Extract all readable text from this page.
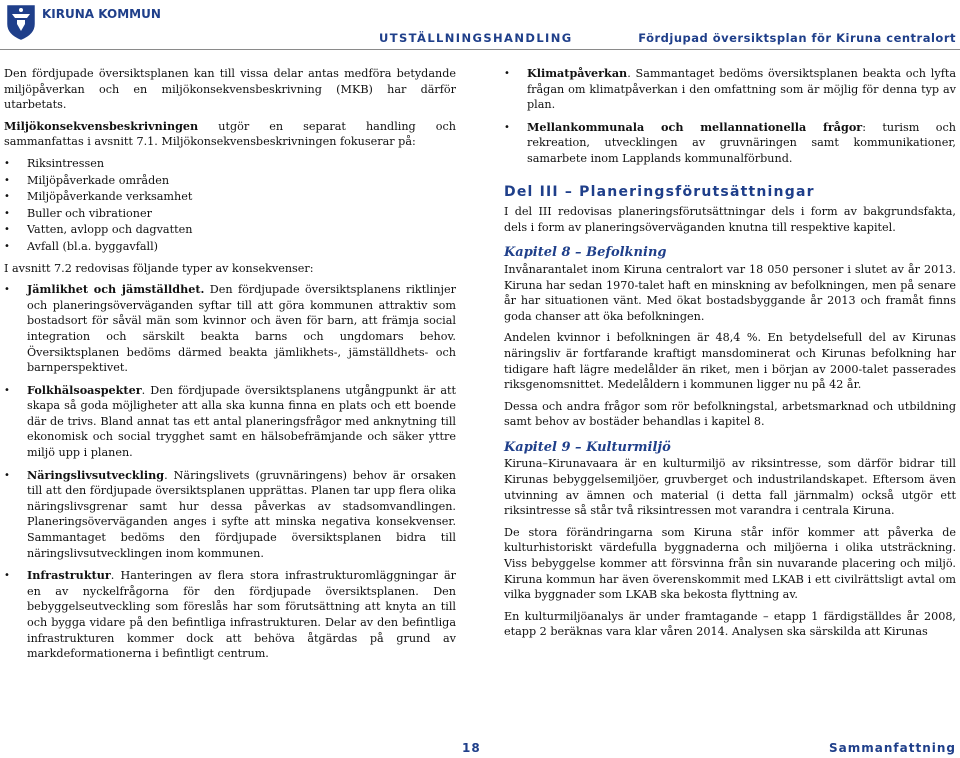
KIRUNA KOMMUN
UTSTÄLLNINGSHANDLING	Fördjupad översiktsplan för Kiruna centralort

Den fördjupade översiktsplanen kan till vissa delar antas medföra betydande miljöpåverkan och en miljökonsekvensbeskrivning (MKB) har därför utarbetats.

Miljökonsekvensbeskrivningen utgör en separat handling och sammanfattas i avsnitt 7.1. Miljökonsekvensbeskrivningen fokuserar på:

• Riksintressen
• Miljöpåverkade områden
• Miljöpåverkande verksamhet
• Buller och vibrationer
• Vatten, avlopp och dagvatten
• Avfall (bl.a. byggavfall)

I avsnitt 7.2 redovisas följande typer av konsekvenser:

• Jämlikhet och jämställdhet. Den fördjupade översiktsplanens riktlinjer och planeringsöverväganden syftar till att göra kommunen attraktiv som bostadsort för såväl män som kvinnor och även för barn, att främja social integration och särskilt beakta barns och ungdomars behov. Översiktsplanen bedöms därmed beakta jämlikhets-, jämställdhets- och barnperspektivet.
• Folkhälsoaspekter. Den fördjupade översiktsplanens utgångpunkt är att skapa så goda möjligheter att alla ska kunna finna en plats och ett boende där de trivs. Bland annat tas ett antal planeringsfrågor med anknytning till ekonomisk och social trygghet samt en hälsobefrämjande och säker yttre miljö upp i planen.
• Näringslivsutveckling. Näringslivets (gruvnäringens) behov är orsaken till att den fördjupade översiktsplanen upprättas. Planen tar upp flera olika näringslivsgrenar samt hur dessa påverkas av stadsomvandlingen. Planeringsöverväganden anges i syfte att minska negativa konsekvenser. Sammantaget bedöms den fördjupade översiktsplanen bidra till näringslivsutvecklingen inom kommunen.
• Infrastruktur. Hanteringen av flera stora infrastrukturomläggningar är en av nyckelfrågorna för den fördjupade översiktsplanen. Den bebyggelseutveckling som föreslås har som förutsättning att knyta an till och bygga vidare på den befintliga infrastrukturen. Delar av den befintliga infrastrukturen kommer dock att behöva åtgärdas på grund av markdeformationerna i befintligt centrum.
• Klimatpåverkan. Sammantaget bedöms översiktsplanen beakta och lyfta frågan om klimatpåverkan i den omfattning som är möjlig för denna typ av plan.
• Mellankommunala och mellannationella frågor: turism och rekreation, utvecklingen av gruvnäringen samt kommunikationer, samarbete inom Lapplands kommunalförbund.
Del III – Planeringsförutsättningar

I del III redovisas planeringsförutsättningar dels i form av bakgrundsfakta, dels i form av planeringsöverväganden knutna till respektive kapitel.

Kapitel 8 – Befolkning

Invånarantalet inom Kiruna centralort var 18 050 personer i slutet av år 2013. Kiruna har sedan 1970-talet haft en minskning av befolkningen, men på senare år har situationen vänt. Med ökat bostadsbyggande år 2013 och framåt finns goda chanser att öka befolkningen.

Andelen kvinnor i befolkningen är 48,4 %. En betydelsefull del av Kirunas näringsliv är fortfarande kraftigt mansdominerat och Kirunas befolkning har tidigare haft lägre medelålder än riket, men i början av 2000-talet passerades riksgenomsnittet. Medelåldern i kommunen ligger nu på 42 år.

Dessa och andra frågor som rör befolkningstal, arbetsmarknad och utbildning samt behov av bostäder behandlas i kapitel 8.

Kapitel 9 – Kulturmiljö

Kiruna–Kirunavaara är en kulturmiljö av riksintresse, som därför bidrar till Kirunas bebyggelsemiljöer, gruvberget och industrilandskapet. Eftersom även utvinning av ämnen och material (i detta fall järnmalm) också utgör ett riksintresse så står två riksintressen mot varandra i centrala Kiruna.

De stora förändringarna som Kiruna står inför kommer att påverka de kulturhistoriskt värdefulla byggnaderna och miljöerna i olika utsträckning. Viss bebyggelse kommer att försvinna från sin nuvarande placering och miljö. Kiruna kommun har även överenskommit med LKAB i ett civilrättsligt avtal om vilka byggnader som LKAB ska bekosta flyttning av.

En kulturmiljöanalys är under framtagande – etapp 1 färdigställdes år 2008, etapp 2 beräknas vara klar våren 2014. Analysen ska särskilda att Kirunas

18	Sammanfattning
